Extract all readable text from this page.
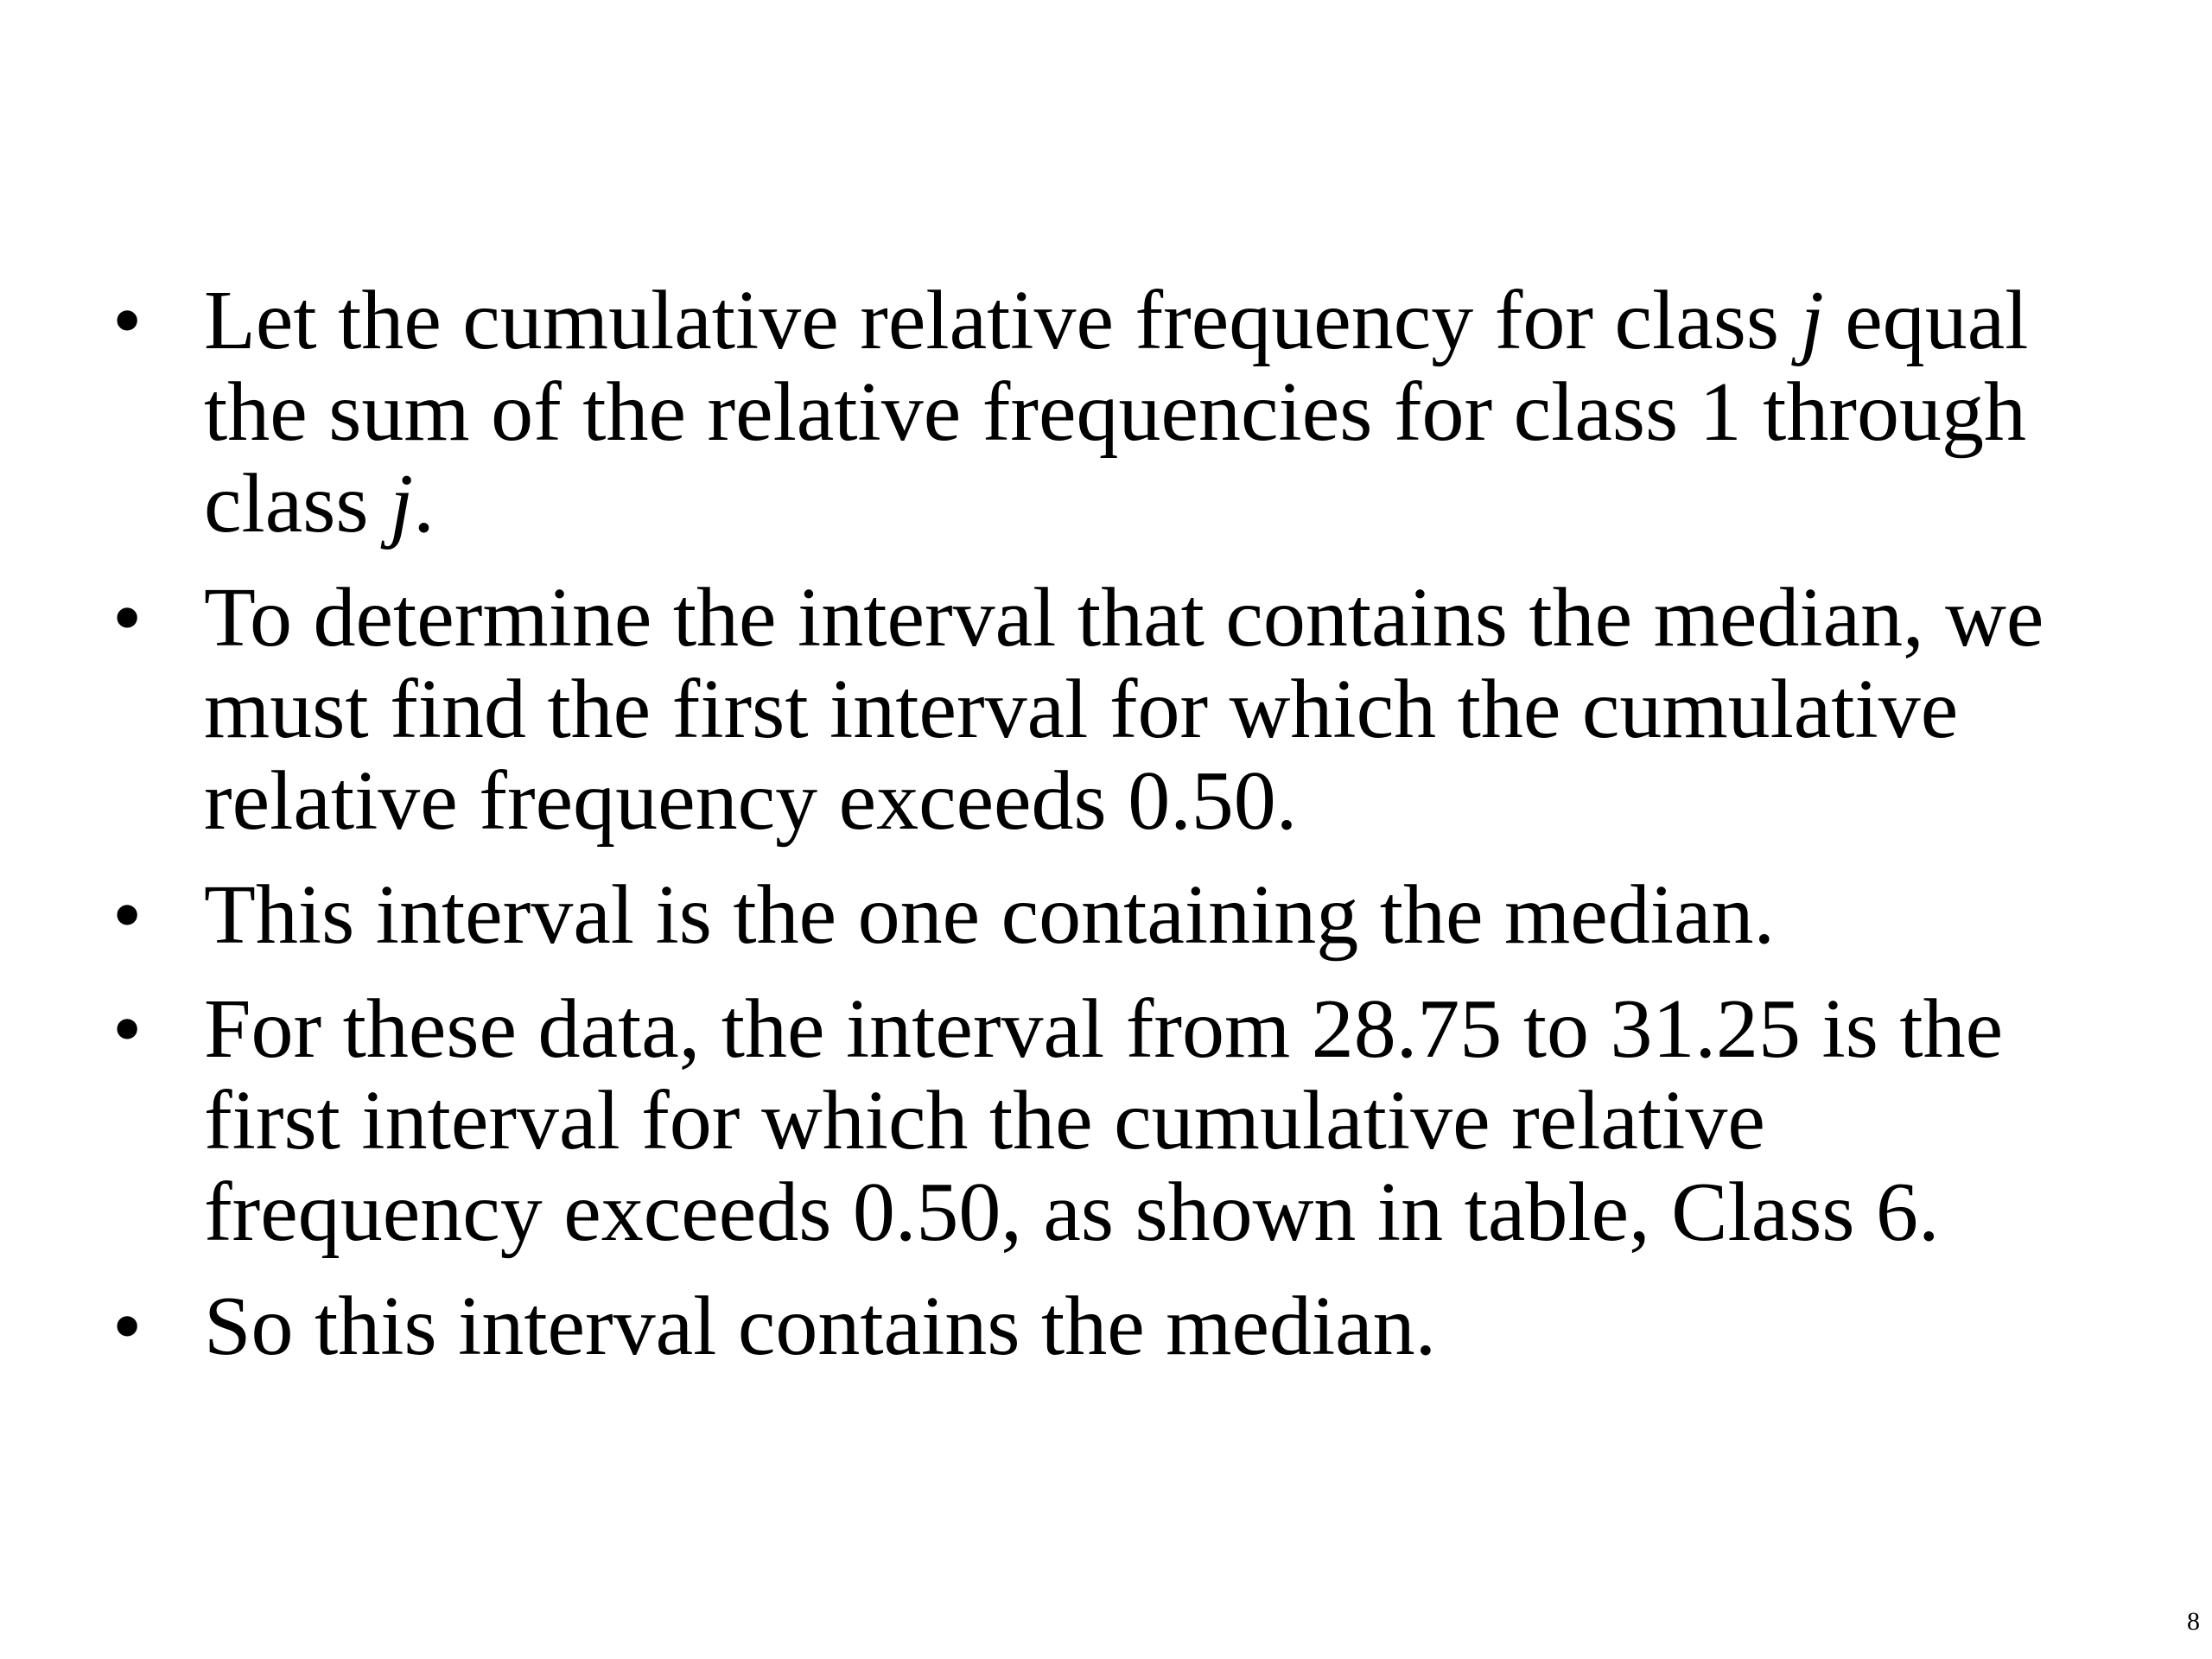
• Let the cumulative relative frequency for class j equal the sum of the relative frequencies for class 1 through class j.
• To determine the interval that contains the median, we must find the first interval for which the cumulative relative frequency exceeds 0.50.
• This interval is the one containing the median.
• For these data, the interval from 28.75 to 31.25 is the first interval for which the cumulative relative frequency exceeds 0.50, as shown in table, Class 6.
• So this interval contains the median.
8
